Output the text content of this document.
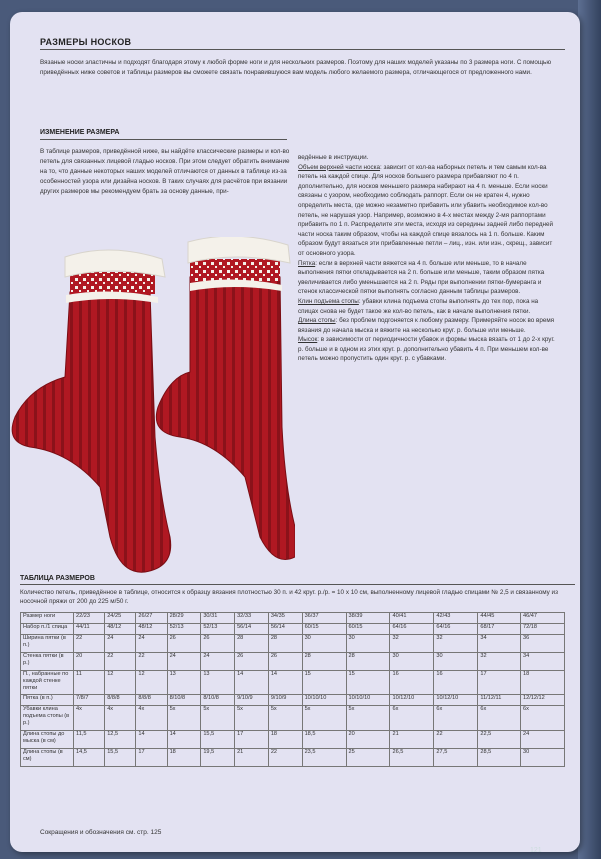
РАЗМЕРЫ НОСКОВ
Вязаные носки эластичны и подходят благодаря этому к любой форме ноги и для нескольких размеров. Поэтому для наших моделей указаны по 3 размера ноги. С помощью приведённых ниже советов и таблицы размеров вы сможете связать понравившуюся вам модель любого желаемого размера, отличающегося от предложенного нами.
ИЗМЕНЕНИЕ РАЗМЕРА
В таблице размеров, приведённой ниже, вы найдёте классические размеры и кол-во петель для связанных лицевой гладью носков. При этом следует обратить внимание на то, что данные некоторых наших моделей отличаются от данных в таблице из-за особенностей узора или дизайна носков. В таких случаях для расчётов при вязании других размеров мы рекомендуем брать за основу данные, при-

ведённые в инструкции.

Объем верхней части носка: зависит от кол-ва наборных петель и тем самым кол-ва петель на каждой спице. Для носков большего размера прибавляют по 4 п. дополнительно, для носков меньшего размера набирают на 4 п. меньше. Если носки связаны с узором, необходимо соблюдать раппорт. Если он не кратен 4, нужно определить места, где можно незаметно прибавить или убавить необходимое кол-во петель, не нарушая узор. Например, возможно в 4-х местах между 2-мя раппортами прибавить по 1 п. Распределите эти места, исходя из середины задней либо передней части носка таким образом, чтобы на каждой спице вязалось на 1 п. больше. Каким образом будут вязаться эти прибавленные петли – лиц., изн. или изн., скрещ., зависит от основного узора.

Пятка: если в верхней части вяжется на 4 п. больше или меньше, то в начале выполнения пятки откладывается на 2 п. больше или меньше, таким образом пятка увеличивается либо уменьшается на 2 п. Ряды при выполнении пятки-бумеранга и стенок классической пятки выполнять согласно данным таблицы размеров.

Клин подъема стопы: убавки клина подъема стопы выполнять до тех пор, пока на спицах снова не будет такое же кол-во петель, как в начале выполнения пятки.

Длина стопы: без проблем подгоняется к любому размеру. Примеряйте носок во время вязания до начала мыска и вяжите на несколько круг. р. больше или меньше.

Мысок: в зависимости от периодичности убавок и формы мыска вязать от 1 до 2-х круг. р. больше и в одном из этих круг. р. дополнительно убавить 4 п. При меньшем кол-ве петель можно пропустить один круг. р. с убавками.

ТАБЛИЦА РАЗМЕРОВ
Количество петель, приведённое в таблице, относится к образцу вязания плотностью 30 п. и 42 круг. р./р. = 10 х 10 см, выполненному лицевой гладью спицами № 2,5 и связанному из носочной пряжи от 200 до 225 м/50 г.
Размер ноги	22/23	24/25	26/27	28/29	30/31	32/33	34/35	36/37	38/39	40/41	42/43	44/45	46/47
Набор п./1 спица	44/11	48/12	48/12	52/13	52/13	56/14	56/14	60/15	60/15	64/16	64/16	68/17	72/18
Ширина пятки (в п.)	22	24	24	26	26	28	28	30	30	32	32	34	36
Стенка пятки (в р.)	20	22	22	24	24	26	26	28	28	30	30	32	34
П., набранные по каждой стенке пятки	11	12	12	13	13	14	14	15	15	16	16	17	18
Пятка (в п.)	7/8/7	8/8/8	8/8/8	8/10/8	8/10/8	9/10/9	9/10/9	10/10/10	10/10/10	10/12/10	10/12/10	11/12/11	12/12/12
Убавки клина подъема стопы (в р.)	4х	4х	4х	5х	5х	5х	5х	5х	5х	6х	6х	6х	6х
Длина стопы до мыска (в см)	11,5	12,5	14	14	15,5	17	18	18,5	20	21	22	22,5	24
Длина стопы (в см)	14,5	15,5	17	18	19,5	21	22	23,5	25	26,5	27,5	28,5	30
Сокращения и обозначения см. стр. 125
121
